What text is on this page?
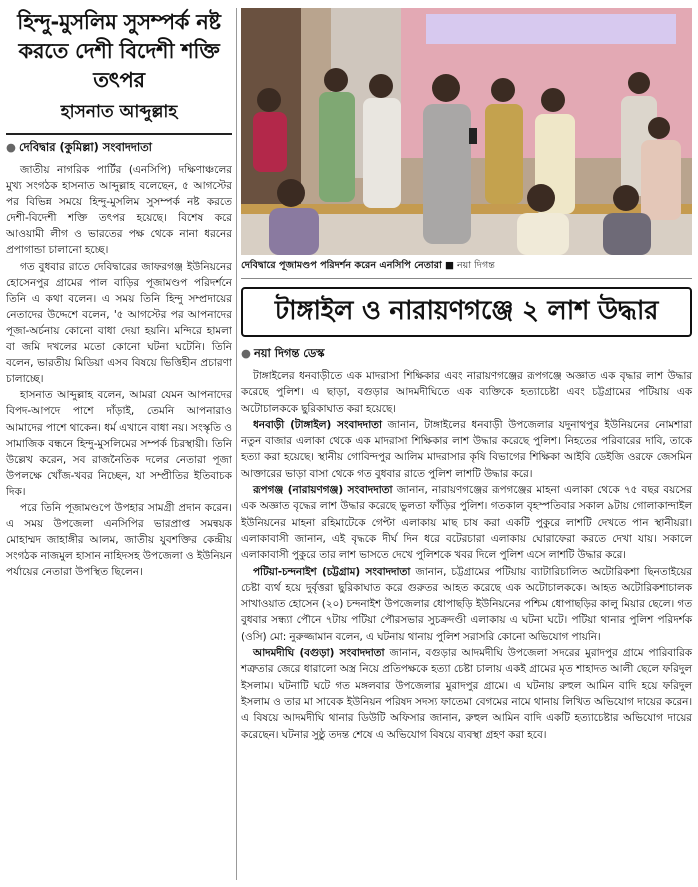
হিন্দু-মুসলিম সুসম্পর্ক নষ্ট করতে দেশী বিদেশী শক্তি তৎপর
হাসনাত আব্দুল্লাহ
● দেবিদ্বার (কুমিল্লা) সংবাদদাতা

জাতীয় নাগরিক পার্টির (এনসিপি) দক্ষিণাঞ্চলের মুখ্য সংগঠক হাসনাত আব্দুল্লাহ বলেছেন, ৫ আগস্টের পর বিভিন্ন সময়ে হিন্দু-মুসলিম সুসম্পর্ক নষ্ট করতে দেশী-বিদেশী শক্তি তৎপর হয়েছে। বিশেষ করে আওয়ামী লীগ ও ভারতের পক্ষ থেকে নানা ধরনের প্রপাগান্ডা চালানো হচ্ছে।

গত বুধবার রাতে দেবিদ্বারের জাফরগঞ্জ ইউনিয়নের হোসেনপুর গ্রামের পাল বাড়ির পূজামণ্ডপ পরিদর্শনে তিনি এ কথা বলেন। এ সময় তিনি হিন্দু সম্প্রদায়ের নেতাদের উদ্দেশে বলেন, '৫ আগস্টের পর আপনাদের পূজা-অর্চনায় কোনো বাধা দেয়া হয়নি। মন্দিরে হামলা বা জমি দখলের মতো কোনো ঘটনা ঘটেনি। তিনি বলেন, ভারতীয় মিডিয়া এসব বিষয়ে ভিত্তিহীন প্রচারণা চালাচ্ছে।

হাসনাত আব্দুল্লাহ বলেন, আমরা যেমন আপনাদের বিপদ-আপদে পাশে দাঁড়াই, তেমনি আপনারাও আমাদের পাশে থাকেন। ধর্ম এখানে বাধা নয়। সংস্কৃতি ও সামাজিক বন্ধনে হিন্দু-মুসলিমের সম্পর্ক চিরস্থায়ী। তিনি উল্লেখ করেন, সব রাজনৈতিক দলের নেতারা পূজা উপলক্ষে খোঁজ-খবর নিচ্ছেন, যা সম্প্রীতির ইতিবাচক দিক।

পরে তিনি পূজামণ্ডপে উপহার সামগ্রী প্রদান করেন। এ সময় উপজেলা এনসিপির ভারপ্রাপ্ত সমন্বয়ক মোহাম্মদ জাহাঙ্গীর আলম, জাতীয় যুবশক্তির কেন্দ্রীয় সংগঠক নাজমুল হাসান নাহিদসহ উপজেলা ও ইউনিয়ন পর্যায়ের নেতারা উপস্থিত ছিলেন।

দেবিদ্বারে পূজামণ্ডপ পরিদর্শন করেন এনসিপি নেতারা ■ নয়া দিগন্ত
টাঙ্গাইল ও নারায়ণগঞ্জে ২ লাশ উদ্ধার
● নয়া দিগন্ত ডেস্ক

টাঙ্গাইলের ধনবাড়ীতে এক মাদরাসা শিক্ষিকার এবং নারায়ণগঞ্জের রূপগঞ্জে অজ্ঞাত এক বৃদ্ধার লাশ উদ্ধার করেছে পুলিশ। এ ছাড়া, বগুড়ার আদমদীঘিতে এক ব্যক্তিকে হত্যাচেষ্টা এবং চট্টগ্রামের পটিয়ায় এক অটোচালককে ছুরিকাঘাত করা হয়েছে।

ধনবাড়ী (টাঙ্গাইল) সংবাদদাতা জানান, টাঙ্গাইলের ধনবাড়ী উপজেলার যদুনাথপুর ইউনিয়নের নোমশারা নতুন বাজার এলাকা থেকে এক মাদরাসা শিক্ষিকার লাশ উদ্ধার করেছে পুলিশ। নিহতের পরিবারের দাবি, তাকে হত্যা করা হয়েছে। স্থানীয় গোবিন্দপুর আলিম মাদরাসার কৃষি বিভাগের শিক্ষিকা আইবি ডেইজি ওরফে জেসমিন আক্তারের ভাড়া বাসা থেকে গত বুধবার রাতে পুলিশ লাশটি উদ্ধার করে।

রূপগঞ্জ (নারায়ণগঞ্জ) সংবাদদাতা জানান, নারায়ণগঞ্জের রূপগঞ্জের মাহনা এলাকা থেকে ৭৫ বছর বয়সের এক অজ্ঞাত বৃদ্ধের লাশ উদ্ধার করেছে ভুলতা ফাঁড়ির পুলিশ। গতকাল বৃহস্পতিবার সকাল ৯টায় গোলাকান্দাইল ইউনিয়নের মাহনা রহিমাটেকে গেপ্টা এলাকায় মাছ চাষ করা একটি পুকুরে লাশটি দেখতে পান স্থানীয়রা। এলাকাবাসী জানান, এই বৃদ্ধকে দীর্ঘ দিন ধরে বটেরচারা এলাকায় ঘোরাফেরা করতে দেখা যায়। সকালে এলাকাবাসী পুকুরে তার লাশ ভাসতে দেখে পুলিশকে খবর দিলে পুলিশ এসে লাশটি উদ্ধার করে।

পটিয়া-চন্দনাইশ (চট্টগ্রাম) সংবাদদাতা জানান, চট্টগ্রামের পটিয়ায় ব্যাটারিচালিত অটোরিকশা ছিনতাইয়ের চেষ্টা ব্যর্থ হয়ে দুর্বৃত্তরা ছুরিকাঘাত করে গুরুতর আহত করেছে এক অটোচালককে। আহত অটোরিকশাচালক সাখাওয়াত হোসেন (২০) চন্দনাইশ উপজেলার ধোপাছড়ি ইউনিয়নের পশ্চিম ধোপাছড়ির কালু মিয়ার ছেলে। গত বুধবার সন্ধ্যা পৌনে ৭টায় পটিয়া পৌরসভার সুচক্রদণ্ডী এলাকায় এ ঘটনা ঘটে। পটিয়া থানার পুলিশ পরিদর্শক (ওসি) মো: নুরুজ্জামান বলেন, এ ঘটনায় থানায় পুলিশ সরাসরি কোনো অভিযোগ পায়নি।

আদমদীঘি (বগুড়া) সংবাদদাতা জানান, বগুড়ার আদমদীঘি উপজেলা সদরের মুরাদপুর গ্রামে পারিবারিক শত্রুতার জেরে ধারালো অস্ত্র নিয়ে প্রতিপক্ষকে হত্যা চেষ্টা চালায় একই গ্রামের মৃত শাহাদত আলী ছেলে ফরিদুল ইসলাম। ঘটনাটি ঘটে গত মঙ্গলবার উপজেলার মুরাদপুর গ্রামে। এ ঘটনায় রুহুল আমিন বাদি হয়ে ফরিদুল ইসলাম ও তার মা সাবেক ইউনিয়ন পরিষদ সদস্য ফাতেমা বেগমের নামে থানায় লিখিত অভিযোগ দায়ের করেন। এ বিষয়ে আদমদীঘি থানার ডিউটি অফিসার জানান, রুহুল আমিন বাদি একটি হত্যাচেষ্টার অভিযোগ দায়ের করেছেন। ঘটনার সুষ্ঠু তদন্ত শেষে এ অভিযোগ বিষয়ে ব্যবস্থা গ্রহণ করা হবে।
